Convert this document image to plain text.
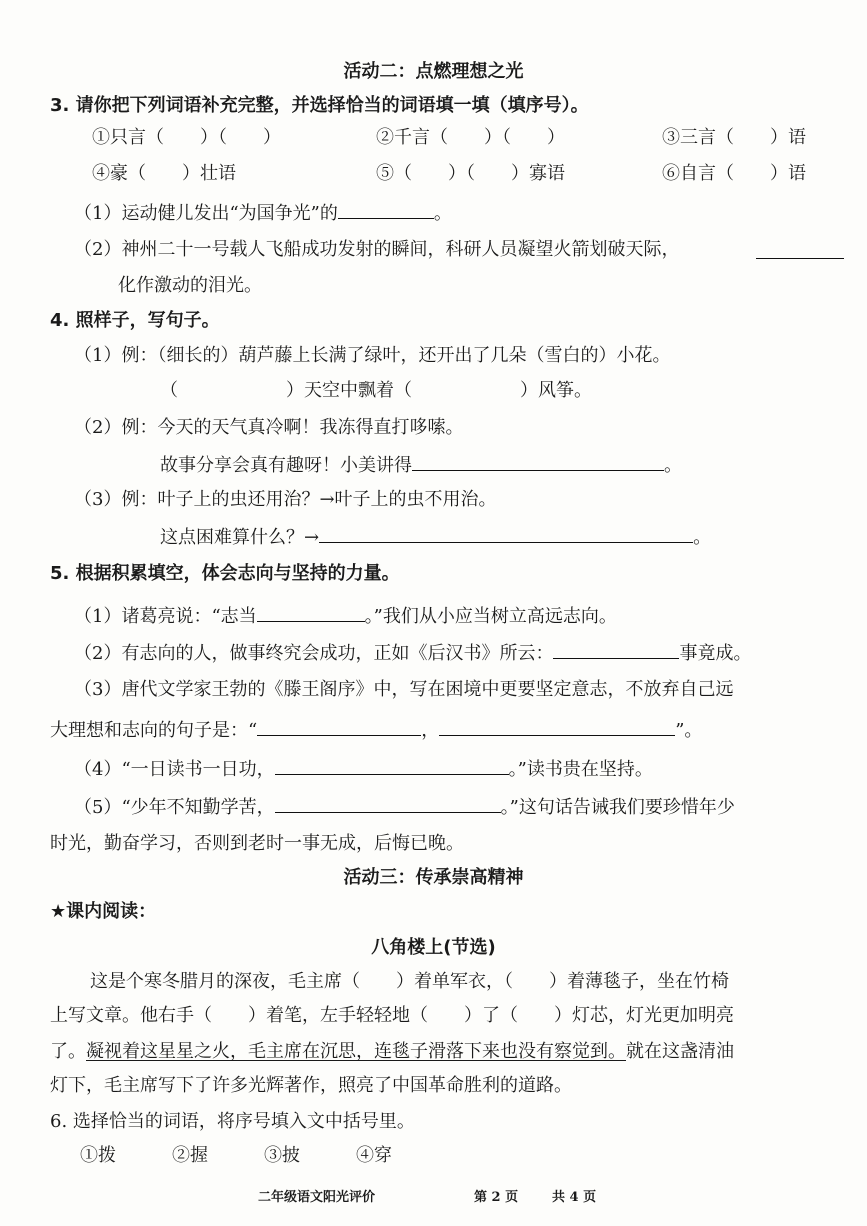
活动二：点燃理想之光
3. 请你把下列词语补充完整，并选择恰当的词语填一填（填序号）。
①只言（　　）（　　）	②千言（　　）（　　）	③三言（　　）语
④豪（　　）壮语	⑤（　　）（　　）寡语	⑥自言（　　）语
（1）运动健儿发出“为国争光”的	。
（2）神州二十一号载人飞船成功发射的瞬间，科研人员凝望火箭划破天际，
化作激动的泪光。
4. 照样子，写句子。
（1）例：（细长的）葫芦藤上长满了绿叶，还开出了几朵（雪白的）小花。
（　　　　　　）天空中飘着（　　　　　　）风筝。
（2）例：今天的天气真冷啊！我冻得直打哆嗦。
故事分享会真有趣呀！小美讲得	。
（3）例：叶子上的虫还用治？→叶子上的虫不用治。
这点困难算什么？→	。
5. 根据积累填空，体会志向与坚持的力量。
（1）诸葛亮说：“志当	。”我们从小应当树立高远志向。
（2）有志向的人，做事终究会成功，正如《后汉书》所云：	事竟成。
（3）唐代文学家王勃的《滕王阁序》中，写在困境中更要坚定意志，不放弃自己远
大理想和志向的句子是：“	，	”。
（4）“一日读书一日功，	。”读书贵在坚持。
（5）“少年不知勤学苦，	。”这句话告诫我们要珍惜年少
时光，勤奋学习，否则到老时一事无成，后悔已晚。
活动三：传承崇高精神
★课内阅读：
八角楼上(节选)
这是个寒冬腊月的深夜，毛主席（　　）着单军衣，（　　）着薄毯子，坐在竹椅
上写文章。他右手（　　）着笔，左手轻轻地（　　）了（　　）灯芯，灯光更加明亮
了。凝视着这星星之火，毛主席在沉思，连毯子滑落下来也没有察觉到。就在这盏清油
灯下，毛主席写下了许多光辉著作，照亮了中国革命胜利的道路。
6. 选择恰当的词语，将序号填入文中括号里。
①拨	②握	③披	④穿
二年级语文阳光评价	第 2 页	共 4 页
